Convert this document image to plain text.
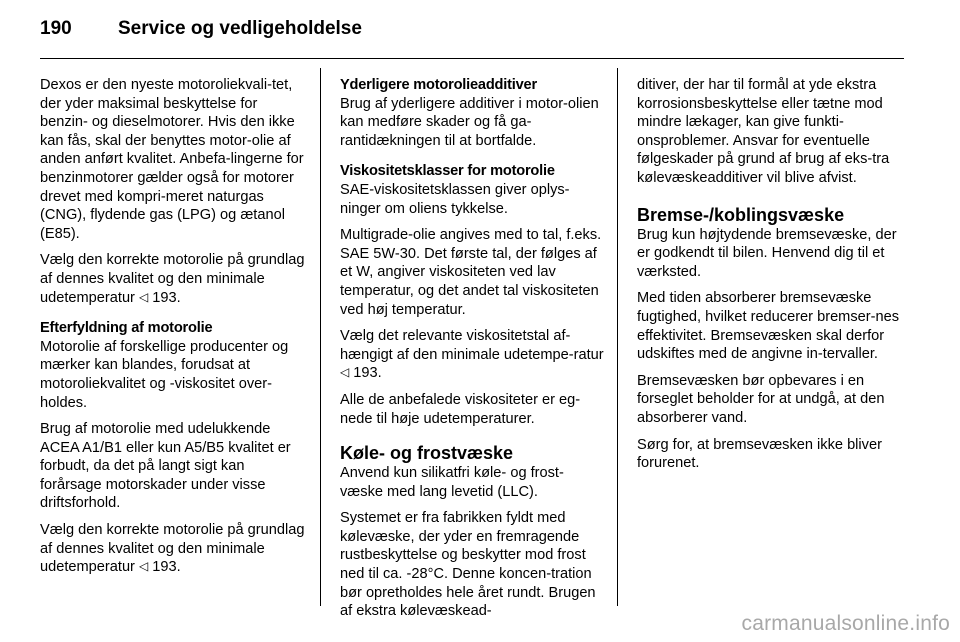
190	Service og vedligeholdelse

Dexos er den nyeste motoroliekvali-tet, der yder maksimal beskyttelse for benzin- og dieselmotorer. Hvis den ikke kan fås, skal der benyttes motor-olie af anden anført kvalitet. Anbefa-lingerne for benzinmotorer gælder også for motorer drevet med kompri-meret naturgas (CNG), flydende gas (LPG) og ætanol (E85).

Vælg den korrekte motorolie på grundlag af dennes kvalitet og den minimale udetemperatur ◁ 193.

Efterfyldning af motorolie

Motorolie af forskellige producenter og mærker kan blandes, forudsat at motoroliekvalitet og -viskositet over-holdes.

Brug af motorolie med udelukkende ACEA A1/B1 eller kun A5/B5 kvalitet er forbudt, da det på langt sigt kan forårsage motorskader under visse driftsforhold.

Vælg den korrekte motorolie på grundlag af dennes kvalitet og den minimale udetemperatur ◁ 193.

Yderligere motorolieadditiver

Brug af yderligere additiver i motor-olien kan medføre skader og få ga-rantidækningen til at bortfalde.

Viskositetsklasser for motorolie

SAE-viskositetsklassen giver oplys-ninger om oliens tykkelse.

Multigrade-olie angives med to tal, f.eks. SAE 5W-30. Det første tal, der følges af et W, angiver viskositeten ved lav temperatur, og det andet tal viskositeten ved høj temperatur.

Vælg det relevante viskositetstal af-hængigt af den minimale udetempe-ratur ◁ 193.

Alle de anbefalede viskositeter er eg-nede til høje udetemperaturer.

Køle- og frostvæske

Anvend kun silikatfri køle- og frost-væske med lang levetid (LLC).

Systemet er fra fabrikken fyldt med kølevæske, der yder en fremragende rustbeskyttelse og beskytter mod frost ned til ca. -28°C. Denne koncen-tration bør opretholdes hele året rundt. Brugen af ekstra kølevæskead-

ditiver, der har til formål at yde ekstra korrosionsbeskyttelse eller tætne mod mindre lækager, kan give funkti-onsproblemer. Ansvar for eventuelle følgeskader på grund af brug af eks-tra kølevæskeadditiver vil blive afvist.

Bremse-/koblingsvæske

Brug kun højtydende bremsevæske, der er godkendt til bilen. Henvend dig til et værksted.

Med tiden absorberer bremsevæske fugtighed, hvilket reducerer bremser-nes effektivitet. Bremsevæsken skal derfor udskiftes med de angivne in-tervaller.

Bremsevæsken bør opbevares i en forseglet beholder for at undgå, at den absorberer vand.

Sørg for, at bremsevæsken ikke bliver forurenet.

carmanualsonline.info
